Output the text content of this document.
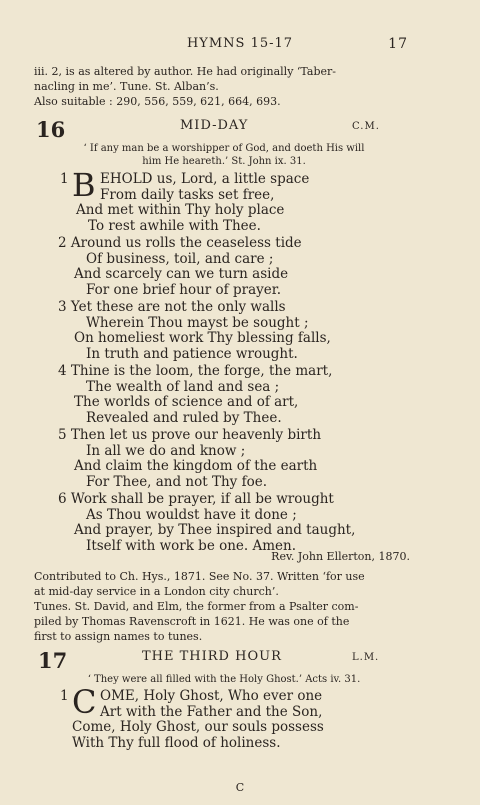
HYMNS 15-17	17

iii. 2, is as altered by author. He had originally ‘Taber-

nacling in me’. Tune. St. Alban’s.

Also suitable : 290, 556, 559, 621, 664, 693.

16	MID-DAY	C.M.
‘ If any man be a worshipper of God, and doeth His will
him He heareth.’ St. John ix. 31.
1 B EHOLD us, Lord, a little space
From daily tasks set free,
And met within Thy holy place
To rest awhile with Thee.
2 Around us rolls the ceaseless tide
Of business, toil, and care ;
And scarcely can we turn aside
For one brief hour of prayer.
3 Yet these are not the only walls
Wherein Thou mayst be sought ;
On homeliest work Thy blessing falls,
In truth and patience wrought.
4 Thine is the loom, the forge, the mart,
The wealth of land and sea ;
The worlds of science and of art,
Revealed and ruled by Thee.
5 Then let us prove our heavenly birth
In all we do and know ;
And claim the kingdom of the earth
For Thee, and not Thy foe.
6 Work shall be prayer, if all be wrought
As Thou wouldst have it done ;
And prayer, by Thee inspired and taught,
Itself with work be one. Amen.
Rev. John Ellerton, 1870.

Contributed to Ch. Hys., 1871. See No. 37. Written ‘for use

at mid-day service in a London city church’.

Tunes. St. David, and Elm, the former from a Psalter com-

piled by Thomas Ravenscroft in 1621. He was one of the

first to assign names to tunes.

17	THE THIRD HOUR	L.M.
‘ They were all filled with the Holy Ghost.’ Acts iv. 31.
1 C OME, Holy Ghost, Who ever one
Art with the Father and the Son,
Come, Holy Ghost, our souls possess
With Thy full flood of holiness.
C
